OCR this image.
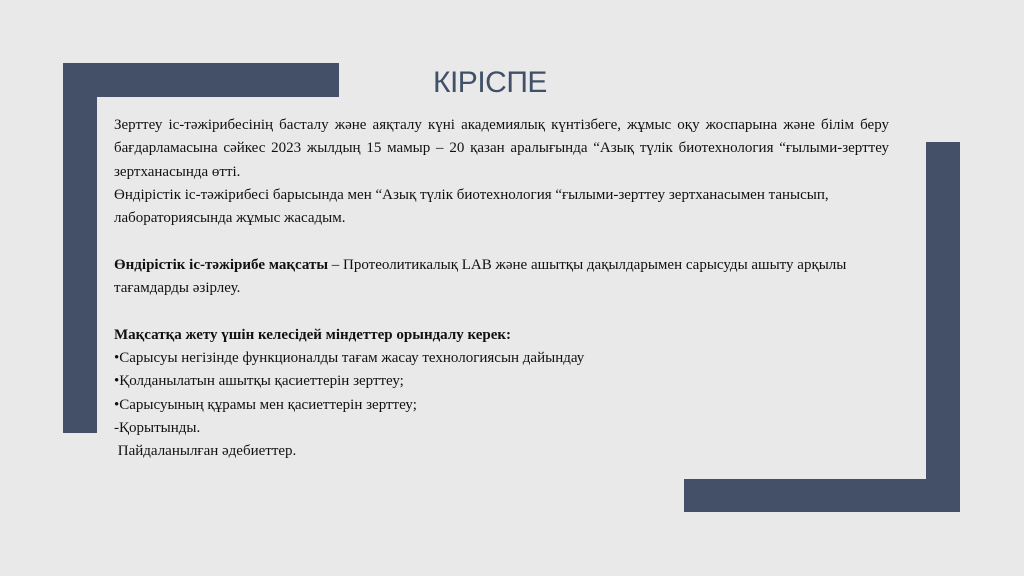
КІРІСПЕ

Зерттеу іс-тәжірибесінің басталу және аяқталу күні академиялық күнтізбеге, жұмыс оқу жоспарына және білім беру бағдарламасына сәйкес 2023 жылдың 15 мамыр – 20 қазан аралығында “Азық түлік биотехнология “ғылыми-зерттеу зертханасында өтті.

Өндірістік іс-тәжірибесі барысында мен “Азық түлік биотехнология “ғылыми-зерттеу зертханасымен танысып, лабораториясында жұмыс жасадым.

Өндірістік іс-тәжірибе мақсаты – Протеолитикалық LAB және ашытқы дақылдарымен сарысуды ашыту арқылы тағамдарды әзірлеу.

Мақсатқа жету үшін келесідей міндеттер орындалу керек:

•Сарысуы негізінде функционалды тағам жасау технологиясын дайындау

•Қолданылатын ашытқы қасиеттерін зерттеу;

•Сарысуының құрамы мен қасиеттерін зерттеу;

-Қорытынды.

Пайдаланылған әдебиеттер.
